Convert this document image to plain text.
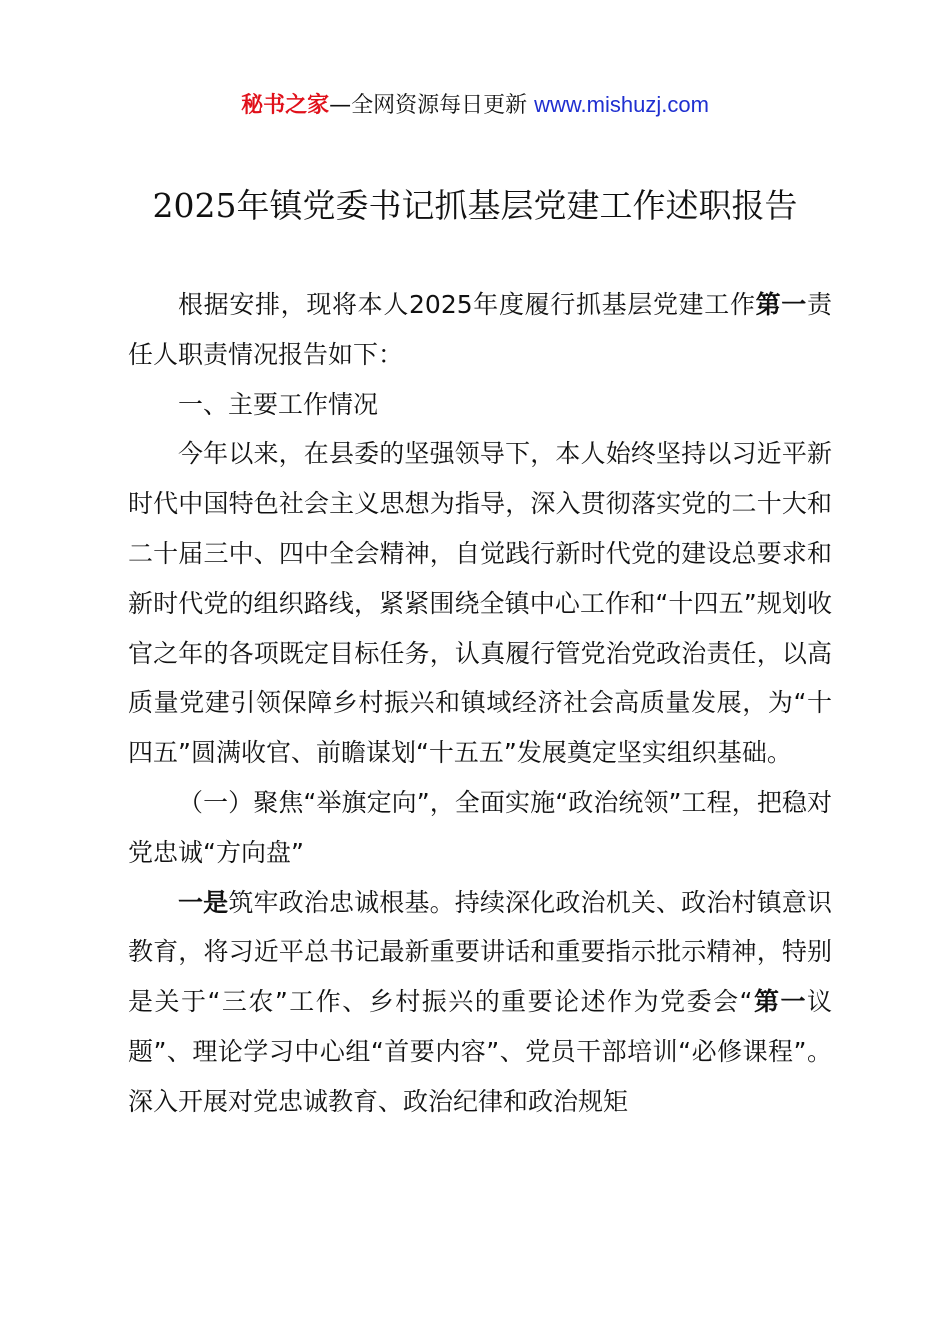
秘书之家—全网资源每日更新 www.mishuzj.com
2025年镇党委书记抓基层党建工作述职报告

根据安排，现将本人2025年度履行抓基层党建工作第一责任人职责情况报告如下：

一、主要工作情况

今年以来，在县委的坚强领导下，本人始终坚持以习近平新时代中国特色社会主义思想为指导，深入贯彻落实党的二十大和二十届三中、四中全会精神，自觉践行新时代党的建设总要求和新时代党的组织路线，紧紧围绕全镇中心工作和“十四五”规划收官之年的各项既定目标任务，认真履行管党治党政治责任，以高质量党建引领保障乡村振兴和镇域经济社会高质量发展，为“十四五”圆满收官、前瞻谋划“十五五”发展奠定坚实组织基础。

（一）聚焦“举旗定向”，全面实施“政治统领”工程，把稳对党忠诚“方向盘”

一是筑牢政治忠诚根基。持续深化政治机关、政治村镇意识教育，将习近平总书记最新重要讲话和重要指示批示精神，特别是关于“三农”工作、乡村振兴的重要论述作为党委会“第一议题”、理论学习中心组“首要内容”、党员干部培训“必修课程”。深入开展对党忠诚教育、政治纪律和政治规矩
